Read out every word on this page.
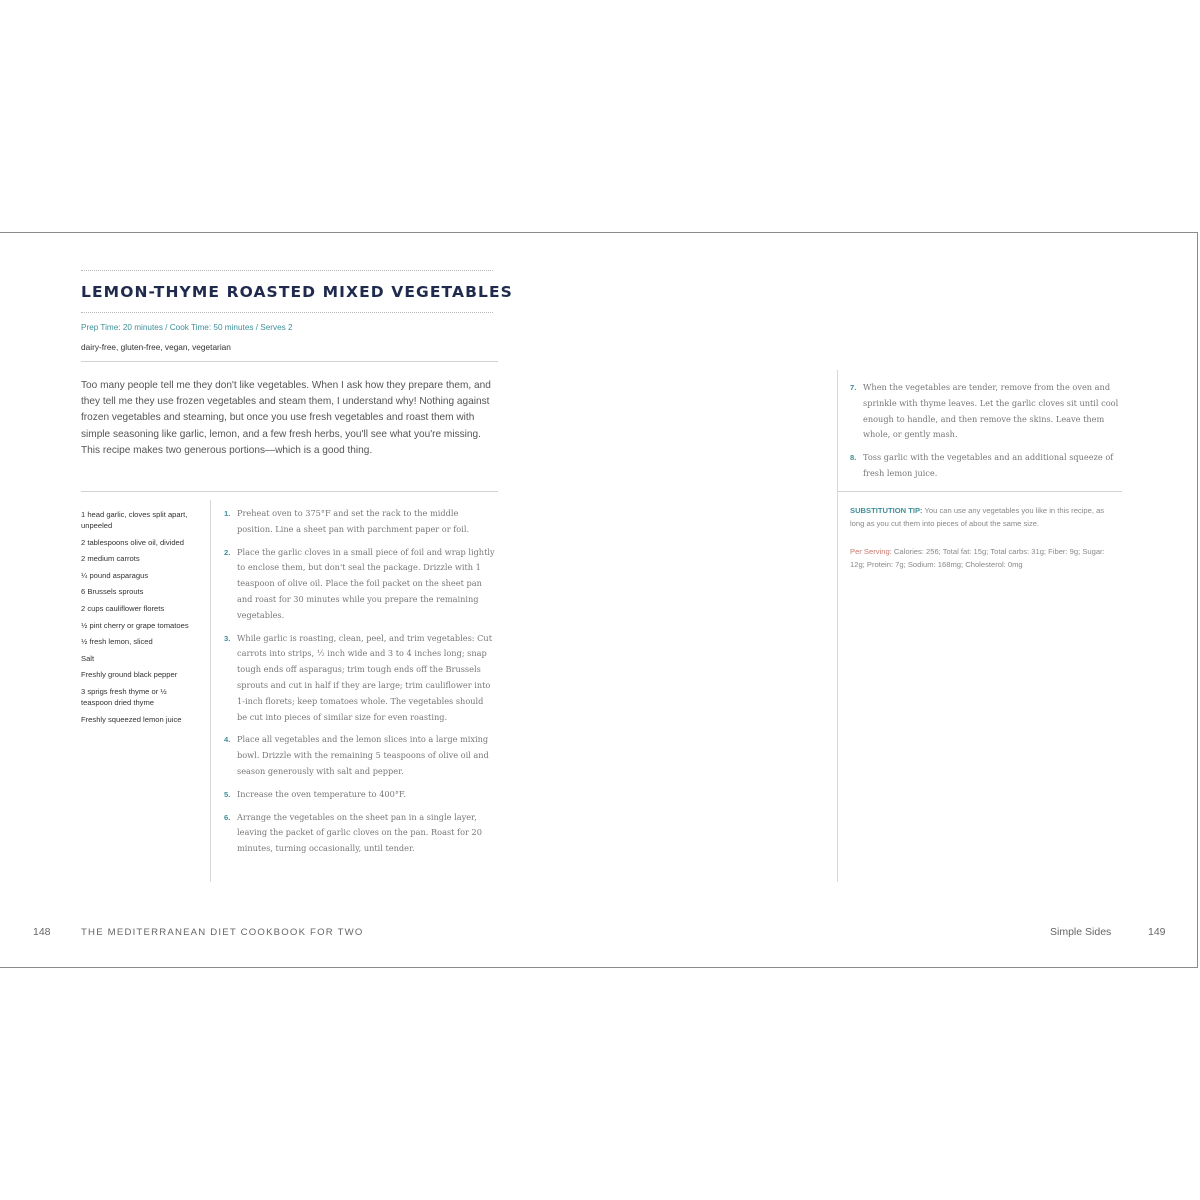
LEMON-THYME ROASTED MIXED VEGETABLES
Prep Time: 20 minutes / Cook Time: 50 minutes / Serves 2
dairy-free, gluten-free, vegan, vegetarian

Too many people tell me they don't like vegetables. When I ask how they prepare them, and they tell me they use frozen vegetables and steam them, I understand why! Nothing against frozen vegetables and steaming, but once you use fresh vegetables and roast them with simple seasoning like garlic, lemon, and a few fresh herbs, you'll see what you're missing. This recipe makes two generous portions—which is a good thing.

1 head garlic, cloves split apart, unpeeled
2 tablespoons olive oil, divided
2 medium carrots
¼ pound asparagus
6 Brussels sprouts
2 cups cauliflower florets
½ pint cherry or grape tomatoes
½ fresh lemon, sliced
Salt
Freshly ground black pepper
3 sprigs fresh thyme or ½ teaspoon dried thyme
Freshly squeezed lemon juice
1. Preheat oven to 375°F and set the rack to the middle position. Line a sheet pan with parchment paper or foil.
2. Place the garlic cloves in a small piece of foil and wrap lightly to enclose them, but don't seal the package. Drizzle with 1 teaspoon of olive oil. Place the foil packet on the sheet pan and roast for 30 minutes while you prepare the remaining vegetables.
3. While garlic is roasting, clean, peel, and trim vegetables: Cut carrots into strips, ½ inch wide and 3 to 4 inches long; snap tough ends off asparagus; trim tough ends off the Brussels sprouts and cut in half if they are large; trim cauliflower into 1-inch florets; keep tomatoes whole. The vegetables should be cut into pieces of similar size for even roasting.
4. Place all vegetables and the lemon slices into a large mixing bowl. Drizzle with the remaining 5 teaspoons of olive oil and season generously with salt and pepper.
5. Increase the oven temperature to 400°F.
6. Arrange the vegetables on the sheet pan in a single layer, leaving the packet of garlic cloves on the pan. Roast for 20 minutes, turning occasionally, until tender.
7. When the vegetables are tender, remove from the oven and sprinkle with thyme leaves. Let the garlic cloves sit until cool enough to handle, and then remove the skins. Leave them whole, or gently mash.
8. Toss garlic with the vegetables and an additional squeeze of fresh lemon juice.

SUBSTITUTION TIP: You can use any vegetables you like in this recipe, as long as you cut them into pieces of about the same size.

Per Serving: Calories: 256; Total fat: 15g; Total carbs: 31g; Fiber: 9g; Sugar: 12g; Protein: 7g; Sodium: 168mg; Cholesterol: 0mg

148	THE MEDITERRANEAN DIET COOKBOOK FOR TWO	Simple Sides	149
